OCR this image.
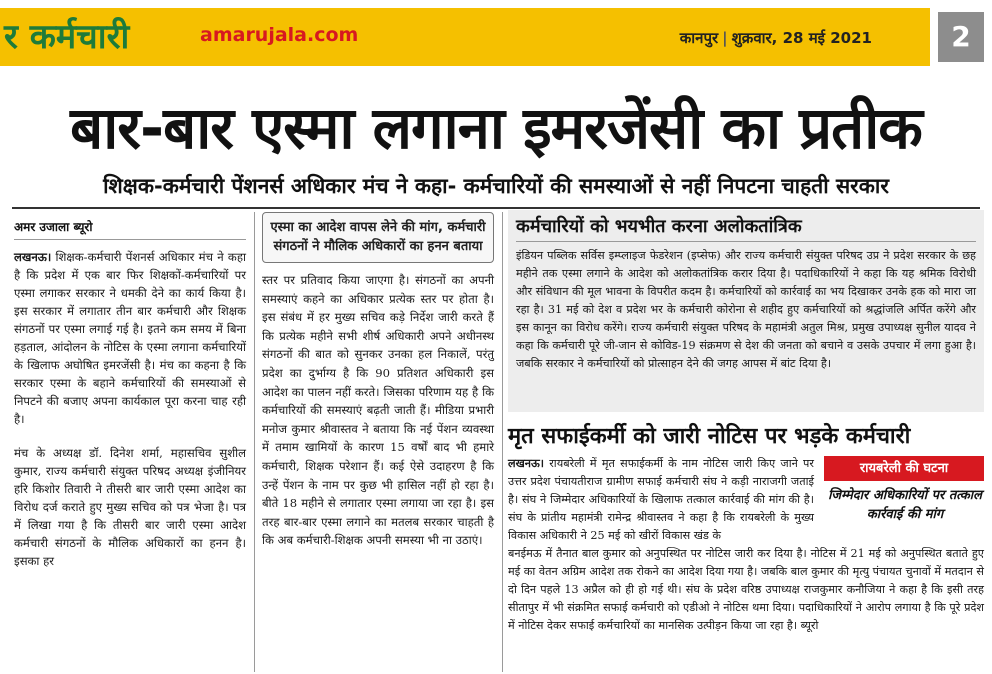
र कर्मचारी	amarujala.com	कानपुर | शुक्रवार, 28 मई 2021	2
बार-बार एस्मा लगाना इमरजेंसी का प्रतीक
शिक्षक-कर्मचारी पेंशनर्स अधिकार मंच ने कहा- कर्मचारियों की समस्याओं से नहीं निपटना चाहती सरकार
अमर उजाला ब्यूरो

लखनऊ। शिक्षक-कर्मचारी पेंशनर्स अधिकार मंच ने कहा है कि प्रदेश में एक बार फिर शिक्षकों-कर्मचारियों पर एस्मा लगाकर सरकार ने धमकी देने का कार्य किया है। इस सरकार में लगातार तीन बार कर्मचारी और शिक्षक संगठनों पर एस्मा लगाई गई है। इतने कम समय में बिना हड़ताल, आंदोलन के नोटिस के एस्मा लगाना कर्मचारियों के खिलाफ अघोषित इमरजेंसी है। मंच का कहना है कि सरकार एस्मा के बहाने कर्मचारियों की समस्याओं से निपटने की बजाए अपना कार्यकाल पूरा करना चाह रही है।

मंच के अध्यक्ष डॉ. दिनेश शर्मा, महासचिव सुशील कुमार, राज्य कर्मचारी संयुक्त परिषद अध्यक्ष इंजीनियर हरि किशोर तिवारी ने तीसरी बार जारी एस्मा आदेश का विरोध दर्ज कराते हुए मुख्य सचिव को पत्र भेजा है। पत्र में लिखा गया है कि तीसरी बार जारी एस्मा आदेश कर्मचारी संगठनों के मौलिक अधिकारों का हनन है। इसका हर

एस्मा का आदेश वापस लेने की मांग, कर्मचारी संगठनों ने मौलिक अधिकारों का हनन बताया
स्तर पर प्रतिवाद किया जाएगा है। संगठनों का अपनी समस्याएं कहने का अधिकार प्रत्येक स्तर पर होता है। इस संबंध में हर मुख्य सचिव कड़े निर्देश जारी करते हैं कि प्रत्येक महीने सभी शीर्ष अधिकारी अपने अधीनस्थ संगठनों की बात को सुनकर उनका हल निकालें, परंतु प्रदेश का दुर्भाग्य है कि 90 प्रतिशत अधिकारी इस आदेश का पालन नहीं करते। जिसका परिणाम यह है कि कर्मचारियों की समस्याएं बढ़ती जाती हैं। मीडिया प्रभारी मनोज कुमार श्रीवास्तव ने बताया कि नई पेंशन व्यवस्था में तमाम खामियों के कारण 15 वर्षों बाद भी हमारे कर्मचारी, शिक्षक परेशान हैं। कई ऐसे उदाहरण है कि उन्हें पेंशन के नाम पर कुछ भी हासिल नहीं हो रहा है। बीते 18 महीने से लगातार एस्मा लगाया जा रहा है। इस तरह बार-बार एस्मा लगाने का मतलब सरकार चाहती है कि अब कर्मचारी-शिक्षक अपनी समस्या भी ना उठाएं।
कर्मचारियों को भयभीत करना अलोकतांत्रिक
इंडियन पब्लिक सर्विस इम्प्लाइज फेडरेशन (इप्सेफ) और राज्य कर्मचारी संयुक्त परिषद उप्र ने प्रदेश सरकार के छह महीने तक एस्मा लगाने के आदेश को अलोकतांत्रिक करार दिया है। पदाधिकारियों ने कहा कि यह श्रमिक विरोधी और संविधान की मूल भावना के विपरीत कदम है। कर्मचारियों को कार्रवाई का भय दिखाकर उनके हक को मारा जा रहा है। 31 मई को देश व प्रदेश भर के कर्मचारी कोरोना से शहीद हुए कर्मचारियों को श्रद्धांजलि अर्पित करेंगे और इस कानून का विरोध करेंगे। राज्य कर्मचारी संयुक्त परिषद के महामंत्री अतुल मिश्र, प्रमुख उपाध्यक्ष सुनील यादव ने कहा कि कर्मचारी पूरे जी-जान से कोविड-19 संक्रमण से देश की जनता को बचाने व उसके उपचार में लगा हुआ है। जबकि सरकार ने कर्मचारियों को प्रोत्साहन देने की जगह आपस में बांट दिया है।
मृत सफाईकर्मी को जारी नोटिस पर भड़के कर्मचारी
लखनऊ। रायबरेली में मृत सफाईकर्मी के नाम नोटिस जारी किए जाने पर उत्तर प्रदेश पंचायतीराज ग्रामीण सफाई कर्मचारी संघ ने कड़ी नाराजगी जताई है। संघ ने जिम्मेदार अधिकारियों के खिलाफ तत्काल कार्रवाई की मांग की है। संघ के प्रांतीय महामंत्री रामेन्द्र श्रीवास्तव ने कहा है कि रायबरेली के मुख्य विकास अधिकारी ने 25 मई को खीरों विकास खंड के
बनईमऊ में तैनात बाल कुमार को अनुपस्थित पर नोटिस जारी कर दिया है। नोटिस में 21 मई को अनुपस्थित बताते हुए मई का वेतन अग्रिम आदेश तक रोकने का आदेश दिया गया है। जबकि बाल कुमार की मृत्यु पंचायत चुनावों में मतदान से दो दिन पहले 13 अप्रैल को ही हो गई थी। संघ के प्रदेश वरिष्ठ उपाध्यक्ष राजकुमार कनौजिया ने कहा है कि इसी तरह सीतापुर में भी संक्रमित सफाई कर्मचारी को एडीओ ने नोटिस थमा दिया। पदाधिकारियों ने आरोप लगाया है कि पूरे प्रदेश में नोटिस देकर सफाई कर्मचारियों का मानसिक उत्पीड़न किया जा रहा है। ब्यूरो
रायबरेली की घटना
जिम्मेदार अधिकारियों पर तत्काल कार्रवाई की मांग
